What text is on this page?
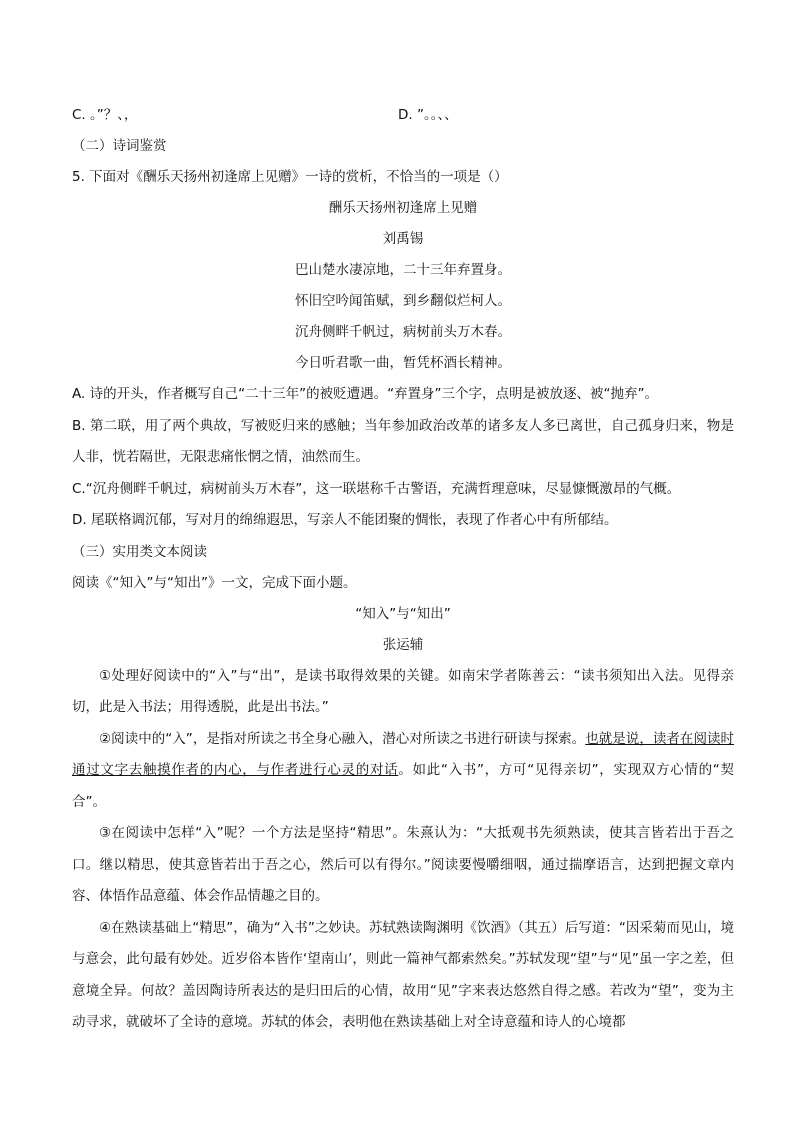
C. 。”？、，	D. ”。。、、
（二）诗词鉴赏
5. 下面对《酬乐天扬州初逢席上见赠》一诗的赏析，不恰当的一项是（）
酬乐天扬州初逢席上见赠
刘禹锡
巴山楚水凄凉地，二十三年弃置身。
怀旧空吟闻笛赋，到乡翻似烂柯人。
沉舟侧畔千帆过，病树前头万木春。
今日听君歌一曲，暂凭杯酒长精神。
A. 诗的开头，作者概写自己“二十三年”的被贬遭遇。“弃置身”三个字，点明是被放逐、被“抛弃”。
B. 第二联，用了两个典故，写被贬归来的感触；当年参加政治改革的诸多友人多已离世，自己孤身归来，物是人非，恍若隔世，无限悲痛怅惘之情，油然而生。
C.“沉舟侧畔千帆过，病树前头万木春”，这一联堪称千古警语，充满哲理意味，尽显慷慨激昂的气概。
D. 尾联格调沉郁，写对月的绵绵遐思，写亲人不能团聚的惆怅，表现了作者心中有所郁结。
（三）实用类文本阅读
阅读《“知入”与“知出”》一文，完成下面小题。
“知入”与“知出”
张运辅
①处理好阅读中的“入”与“出”，是读书取得效果的关键。如南宋学者陈善云：“读书须知出入法。见得亲切，此是入书法；用得透脱，此是出书法。”
②阅读中的“入”，是指对所读之书全身心融入，潜心对所读之书进行研读与探索。也就是说，读者在阅读时通过文字去触摸作者的内心，与作者进行心灵的对话。如此“入书”，方可“见得亲切”，实现双方心情的“契合”。
③在阅读中怎样“入”呢？一个方法是坚持“精思”。朱熹认为：“大抵观书先须熟读，使其言皆若出于吾之口。继以精思，使其意皆若出于吾之心，然后可以有得尔。”阅读要慢嚼细咽，通过揣摩语言，达到把握文章内容、体悟作品意蕴、体会作品情趣之目的。
④在熟读基础上“精思”，确为“入书”之妙诀。苏轼熟读陶渊明《饮酒》（其五）后写道：“因采菊而见山，境与意会，此句最有妙处。近岁俗本皆作‘望南山’，则此一篇神气都索然矣。”苏轼发现“望”与“见”虽一字之差，但意境全异。何故？盖因陶诗所表达的是归田后的心情，故用“见”字来表达悠然自得之感。若改为“望”，变为主动寻求，就破坏了全诗的意境。苏轼的体会，表明他在熟读基础上对全诗意蕴和诗人的心境都
